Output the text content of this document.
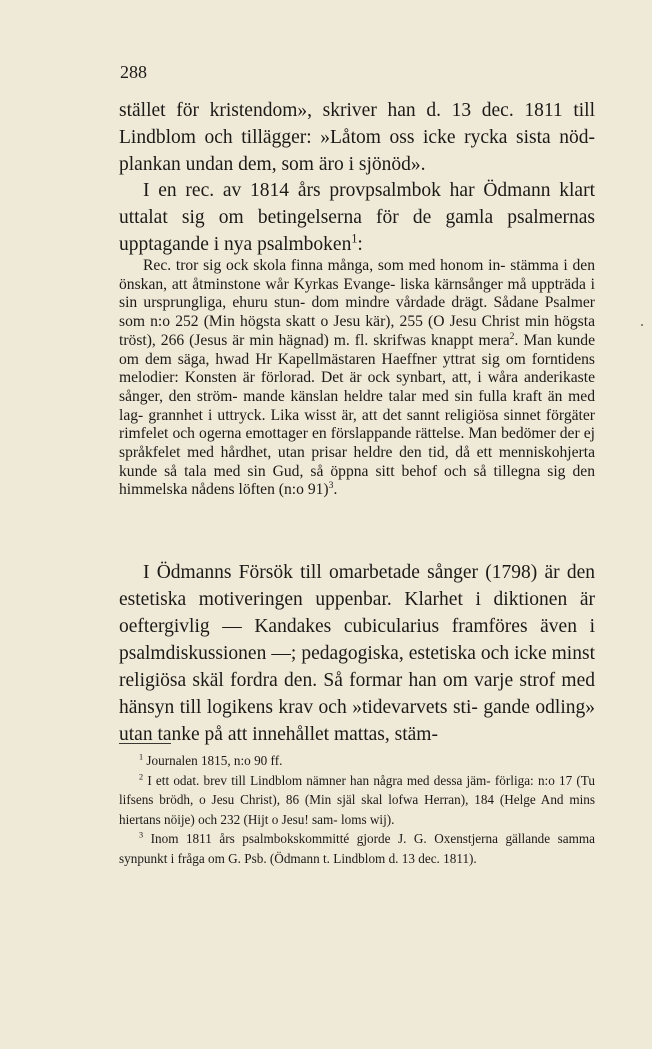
288

stället för kristendom», skriver han d. 13 dec. 1811 till Lindblom och tillägger: »Låtom oss icke rycka sista nöd- plankan undan dem, som äro i sjönöd».

I en rec. av 1814 års provpsalmbok har Ödmann klart uttalat sig om betingelserna för de gamla psalmernas upptagande i nya psalmboken$^1$:

Rec. tror sig ock skola finna många, som med honom in- stämma i den önskan, att åtminstone wår Kyrkas Evange- liska kärnsånger må uppträda i sin ursprungliga, ehuru stun- dom mindre vårdade drägt. Sådane Psalmer som n:o 252 (Min högsta skatt o Jesu kär), 255 (O Jesu Christ min högsta tröst), 266 (Jesus är min hägnad) m. fl. skrifwas knappt mera$^2$. Man kunde om dem säga, hwad Hr Kapellmästaren Haeffner yttrat sig om forntidens melodier: Konsten är förlorad. Det är ock synbart, att, i wåra anderikaste sånger, den ström- mande känslan heldre talar med sin fulla kraft än med lag- grannhet i uttryck. Lika wisst är, att det sannt religiösa sinnet förgäter rimfelet och ogerna emottager en förslappande rättelse. Man bedömer der ej språkfelet med hårdhet, utan prisar heldre den tid, då ett menniskohjerta kunde så tala med sin Gud, så öppna sitt behof och så tillegna sig den himmelska nådens löften (n:o 91)$^3$.

I Ödmanns Försök till omarbetade sånger (1798) är den estetiska motiveringen uppenbar. Klarhet i diktionen är oeftergivlig — Kandakes cubicularius framföres även i psalmdiskussionen —; pedagogiska, estetiska och icke minst religiösa skäl fordra den. Så formar han om varje strof med hänsyn till logikens krav och »tidevarvets sti- gande odling» utan tanke på att innehållet mattas, stäm-

$^1$ Journalen 1815, n:o 90 ff.

$^2$ I ett odat. brev till Lindblom nämner han några med dessa jäm- förliga: n:o 17 (Tu lifsens brödh, o Jesu Christ), 86 (Min själ skal lofwa Herran), 184 (Helge And mins hiertans nöije) och 232 (Hijt o Jesu! sam- loms wij).

$^3$ Inom 1811 års psalmbokskommitté gjorde J. G. Oxenstjerna gällande samma synpunkt i fråga om G. Psb. (Ödmann t. Lindblom d. 13 dec. 1811).
